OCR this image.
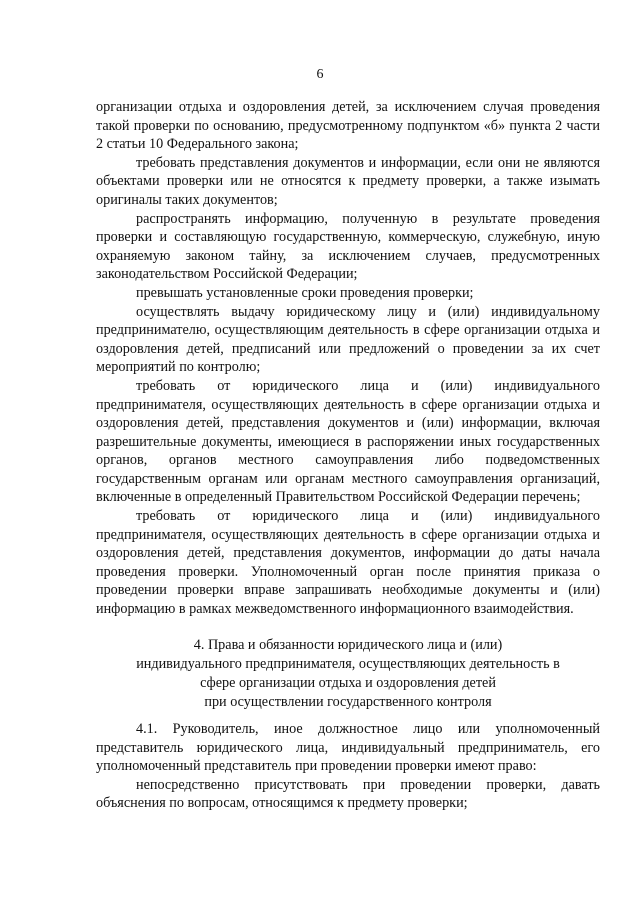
6

организации отдыха и оздоровления детей, за исключением случая проведения такой проверки по основанию, предусмотренному подпунктом «б» пункта 2 части 2 статьи 10 Федерального закона;

требовать представления документов и информации, если они не являются объектами проверки или не относятся к предмету проверки, а также изымать оригиналы таких документов;

распространять информацию, полученную в результате проведения проверки и составляющую государственную, коммерческую, служебную, иную охраняемую законом тайну, за исключением случаев, предусмотренных законодательством Российской Федерации;

превышать установленные сроки проведения проверки;

осуществлять выдачу юридическому лицу и (или) индивидуальному предпринимателю, осуществляющим деятельность в сфере организации отдыха и оздоровления детей, предписаний или предложений о проведении за их счет мероприятий по контролю;

требовать от юридического лица и (или) индивидуального предпринимателя, осуществляющих деятельность в сфере организации отдыха и оздоровления детей, представления документов и (или) информации, включая разрешительные документы, имеющиеся в распоряжении иных государственных органов, органов местного самоуправления либо подведомственных государственным органам или органам местного самоуправления организаций, включенные в определенный Правительством Российской Федерации перечень;

требовать от юридического лица и (или) индивидуального предпринимателя, осуществляющих деятельность в сфере организации отдыха и оздоровления детей, представления документов, информации до даты начала проведения проверки. Уполномоченный орган после принятия приказа о проведении проверки вправе запрашивать необходимые документы и (или) информацию в рамках межведомственного информационного взаимодействия.

4. Права и обязанности юридического лица и (или)
индивидуального предпринимателя, осуществляющих деятельность в
сфере организации отдыха и оздоровления детей
при осуществлении государственного контроля

4.1. Руководитель, иное должностное лицо или уполномоченный представитель юридического лица, индивидуальный предприниматель, его уполномоченный представитель при проведении проверки имеют право:

непосредственно присутствовать при проведении проверки, давать объяснения по вопросам, относящимся к предмету проверки;
